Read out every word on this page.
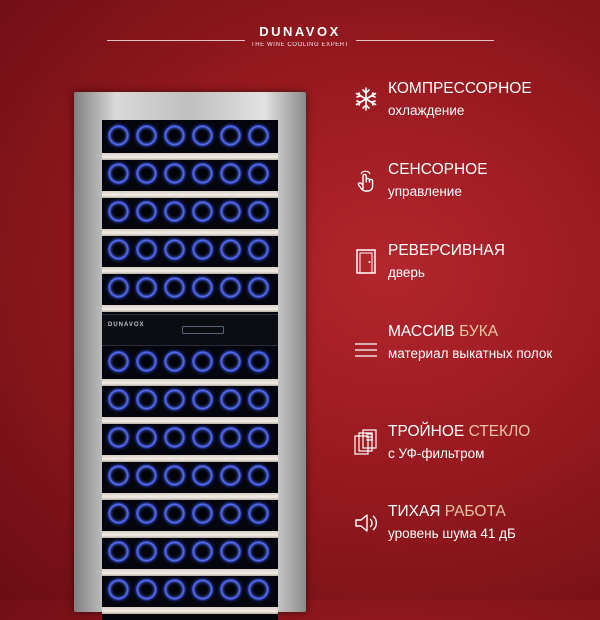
DUNAVOX
THE WINE COOLING EXPERT
DUNAVOX
КОМПРЕССОРНОЕ
охлаждение
СЕНСОРНОЕ
управление
РЕВЕРСИВНАЯ
дверь
МАССИВ БУКА
материал выкатных полок
ТРОЙНОЕ СТЕКЛО
с УФ-фильтром
ТИХАЯ РАБОТА
уровень шума 41 дБ
